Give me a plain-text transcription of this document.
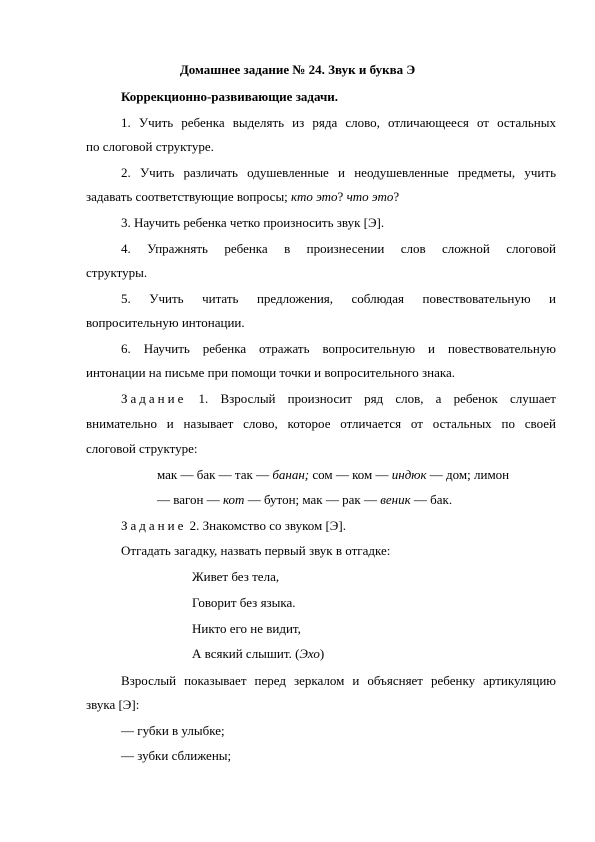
Домашнее задание № 24. Звук и буква Э
Коррекционно-развивающие задачи.
1. Учить ребенка выделять из ряда слово, отличающееся от остальных
по слоговой структуре.
2. Учить различать одушевленные и неодушевленные предметы, учить
задавать соответствующие вопросы; кто это? что это?
3. Научить ребенка четко произносить звук [Э].
4. Упражнять ребенка в произнесении слов сложной слоговой
структуры.
5. Учить читать предложения, соблюдая повествовательную и
вопросительную интонации.
6. Научить ребенка отражать вопросительную и повествовательную
интонации на письме при помощи точки и вопросительного знака.
Задание 1. Взрослый произносит ряд слов, а ребенок слушает
внимательно и называет слово, которое отличается от остальных по своей
слоговой структуре:
мак — бак — так — банан; сом — ком — индюк — дом; лимон
— вагон — кот — бутон; мак — рак — веник — бак.
Задание 2. Знакомство со звуком [Э].
Отгадать загадку, назвать первый звук в отгадке:
Живет без тела,
Говорит без языка.
Никто его не видит,
А всякий слышит. (Эхо)
Взрослый показывает перед зеркалом и объясняет ребенку артикуляцию
звука [Э]:
— губки в улыбке;
— зубки сближены;
